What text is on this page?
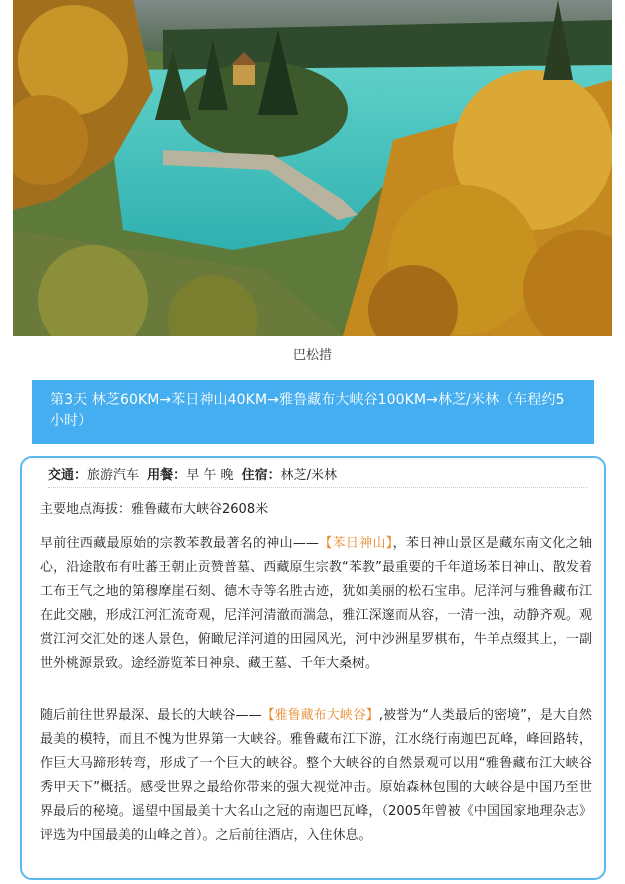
巴松措
第3天 林芝60KM→苯日神山40KM→雅鲁藏布大峡谷100KM→林芝/米林（车程约5小时）
交通：旅游汽车 用餐：早 午 晚 住宿：林芝/米林
主要地点海拔：雅鲁藏布大峡谷2608米

早前往西藏最原始的宗教苯教最著名的神山——【苯日神山】，苯日神山景区是藏东南文化之轴心，沿途散布有吐蕃王朝止贡赞普墓、西藏原生宗教“苯教”最重要的千年道场苯日神山、散发着工布王气之地的第穆摩崖石刻、德木寺等名胜古迹，犹如美丽的松石宝串。尼洋河与雅鲁藏布江在此交融，形成江河汇流奇观，尼洋河清澈而湍急，雅江深邃而从容，一清一浊，动静齐观。观赏江河交汇处的迷人景色，俯瞰尼洋河道的田园风光，河中沙洲星罗棋布，牛羊点缀其上，一副世外桃源景致。途经游览苯日神泉、藏王墓、千年大桑树。

随后前往世界最深、最长的大峡谷——【雅鲁藏布大峡谷】,被誉为“人类最后的密境”，是大自然最美的模特，而且不愧为世界第一大峡谷。雅鲁藏布江下游，江水绕行南迦巴瓦峰，峰回路转，作巨大马蹄形转弯，形成了一个巨大的峡谷。整个大峡谷的自然景观可以用“雅鲁藏布江大峡谷秀甲天下”概括。感受世界之最给你带来的强大视觉冲击。原始森林包围的大峡谷是中国乃至世界最后的秘境。遥望中国最美十大名山之冠的南迦巴瓦峰，（2005年曾被《中国国家地理杂志》评选为中国最美的山峰之首）。之后前往酒店，入住休息。
